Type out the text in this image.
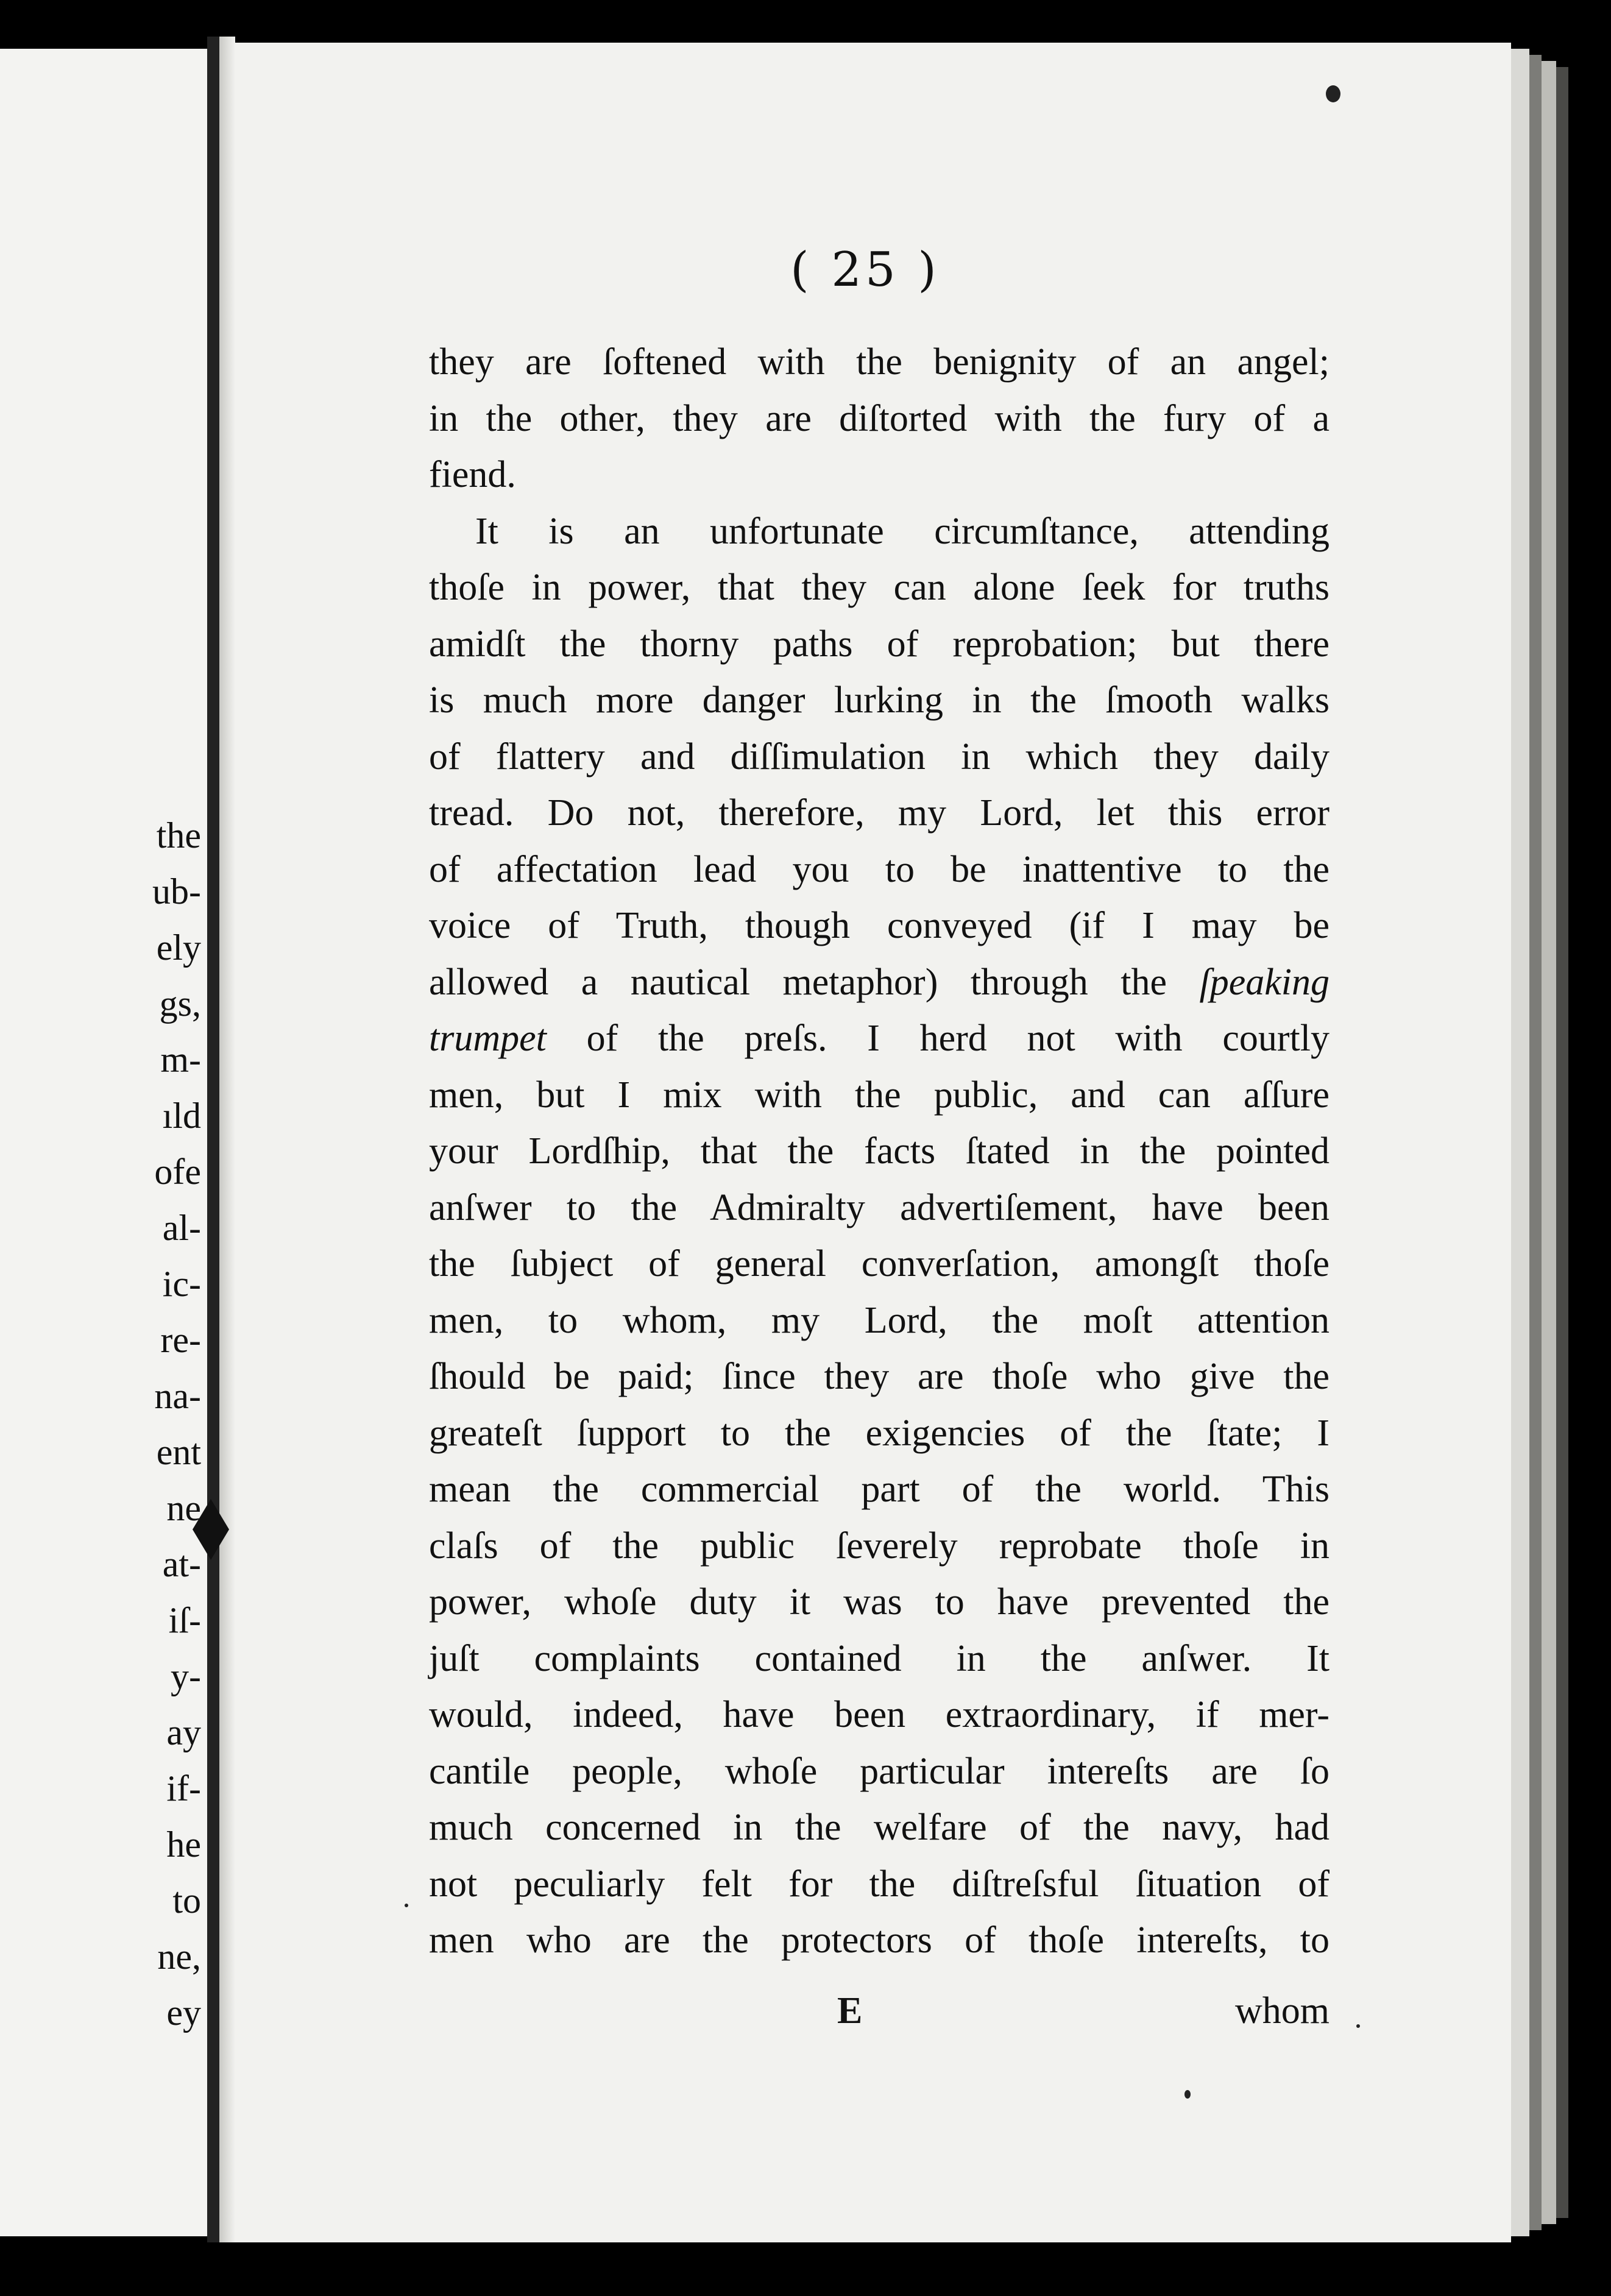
the
ub-
ely
gs,
m-
ıld
ofe
al-
ic-
re-
na-
ent
ne
at-
iſ-
y-
ay
if-
he
to
ne,
ey
( 25 )
they are ſoftened with the benignity of an angel;
in the other, they are diſtorted with the fury of a
fiend.
It is an unfortunate circumſtance, attending
thoſe in power, that they can alone ſeek for truths
amidſt the thorny paths of reprobation; but there
is much more danger lurking in the ſmooth walks
of flattery and diſſimulation in which they daily
tread. Do not, therefore, my Lord, let this error
of affectation lead you to be inattentive to the
voice of Truth, though conveyed (if I may be
allowed a nautical metaphor) through the ſpeaking
trumpet of the preſs. I herd not with courtly
men, but I mix with the public, and can aſſure
your Lordſhip, that the facts ſtated in the pointed
anſwer to the Admiralty advertiſement, have been
the ſubject of general converſation, amongſt thoſe
men, to whom, my Lord, the moſt attention
ſhould be paid; ſince they are thoſe who give the
greateſt ſupport to the exigencies of the ſtate; I
mean the commercial part of the world. This
claſs of the public ſeverely reprobate thoſe in
power, whoſe duty it was to have prevented the
juſt complaints contained in the anſwer. It
would, indeed, have been extraordinary, if mer-
cantile people, whoſe particular intereſts are ſo
much concerned in the welfare of the navy, had
not peculiarly felt for the diſtreſsful ſituation of
men who are the protectors of thoſe intereſts, to
E	whom
